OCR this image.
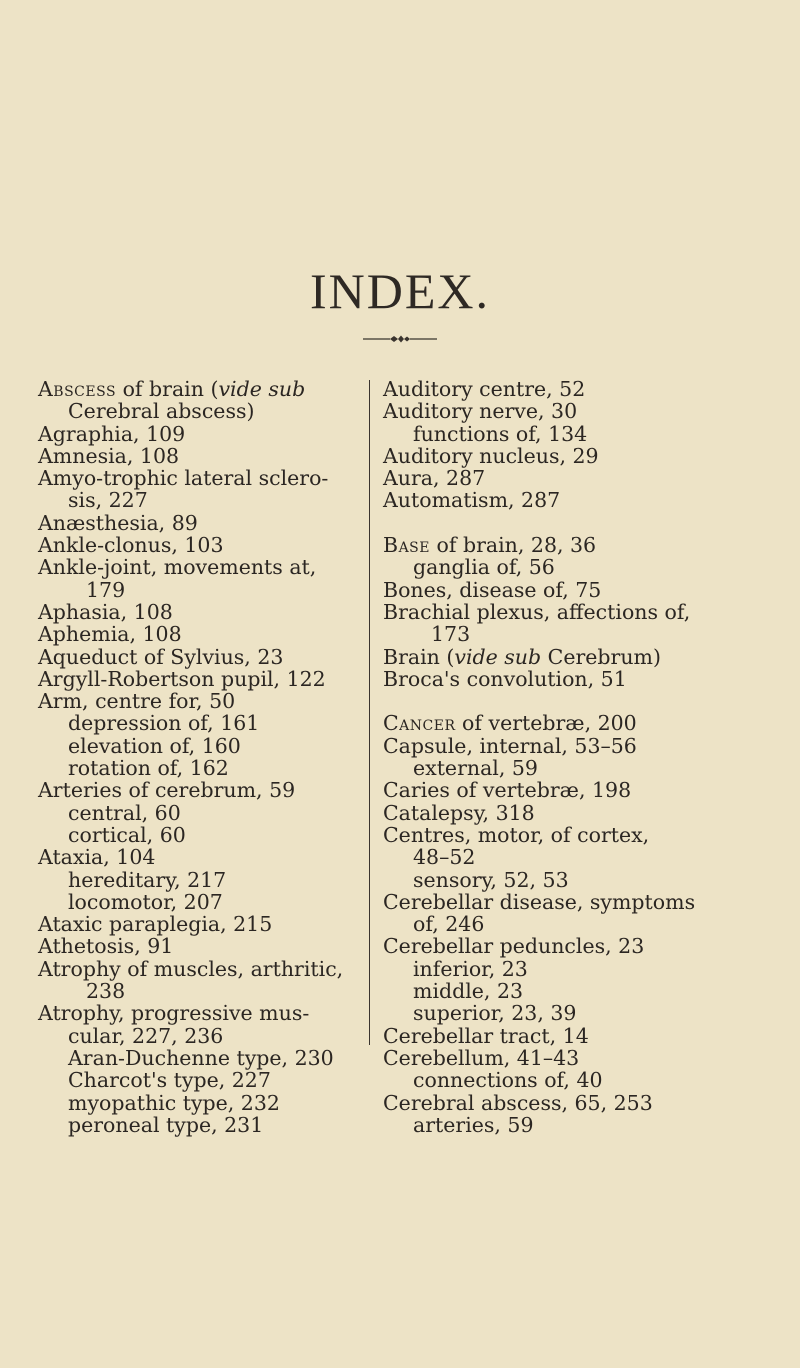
INDEX.
Abscess of brain (vide sub
Cerebral abscess)
Agraphia, 109
Amnesia, 108
Amyo-trophic lateral sclero-
sis, 227
Anæsthesia, 89
Ankle-clonus, 103
Ankle-joint, movements at,
179
Aphasia, 108
Aphemia, 108
Aqueduct of Sylvius, 23
Argyll-Robertson pupil, 122
Arm, centre for, 50
depression of, 161
elevation of, 160
rotation of, 162
Arteries of cerebrum, 59
central, 60
cortical, 60
Ataxia, 104
hereditary, 217
locomotor, 207
Ataxic paraplegia, 215
Athetosis, 91
Atrophy of muscles, arthritic,
238
Atrophy, progressive mus-
cular, 227, 236
Aran-Duchenne type, 230
Charcot's type, 227
myopathic type, 232
peroneal type, 231
Auditory centre, 52
Auditory nerve, 30
functions of, 134
Auditory nucleus, 29
Aura, 287
Automatism, 287
Base of brain, 28, 36
ganglia of, 56
Bones, disease of, 75
Brachial plexus, affections of,
173
Brain (vide sub Cerebrum)
Broca's convolution, 51
Cancer of vertebræ, 200
Capsule, internal, 53–56
external, 59
Caries of vertebræ, 198
Catalepsy, 318
Centres, motor, of cortex,
48–52
sensory, 52, 53
Cerebellar disease, symptoms
of, 246
Cerebellar peduncles, 23
inferior, 23
middle, 23
superior, 23, 39
Cerebellar tract, 14
Cerebellum, 41–43
connections of, 40
Cerebral abscess, 65, 253
arteries, 59
